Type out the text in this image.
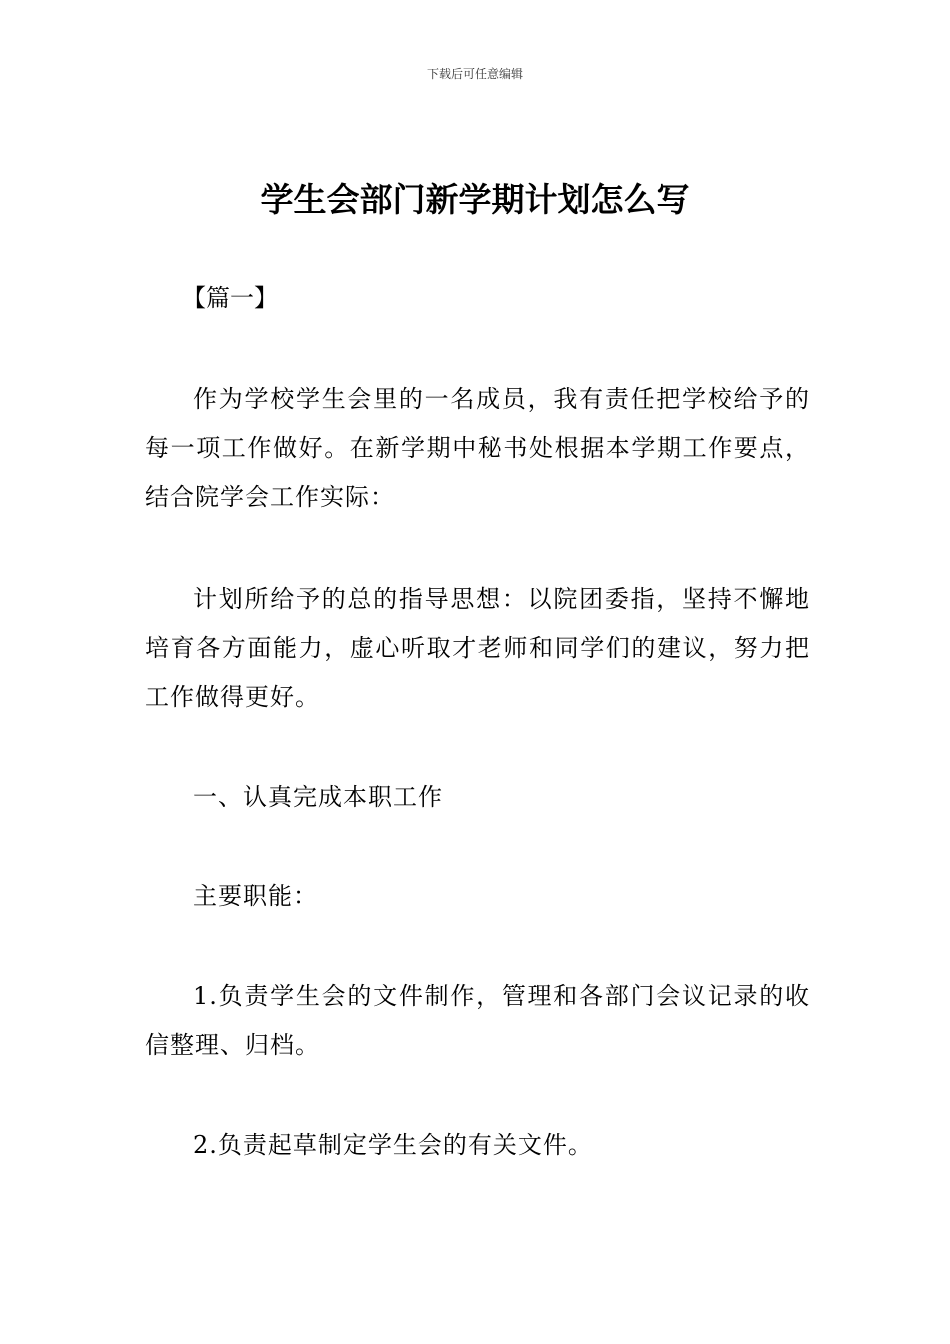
下载后可任意编辑
学生会部门新学期计划怎么写

【篇一】

作为学校学生会里的一名成员，我有责任把学校给予的每一项工作做好。在新学期中秘书处根据本学期工作要点，结合院学会工作实际：

计划所给予的总的指导思想：以院团委指，坚持不懈地培育各方面能力，虚心听取才老师和同学们的建议，努力把工作做得更好。

一、认真完成本职工作

主要职能：

1.负责学生会的文件制作，管理和各部门会议记录的收信整理、归档。

2.负责起草制定学生会的有关文件。
